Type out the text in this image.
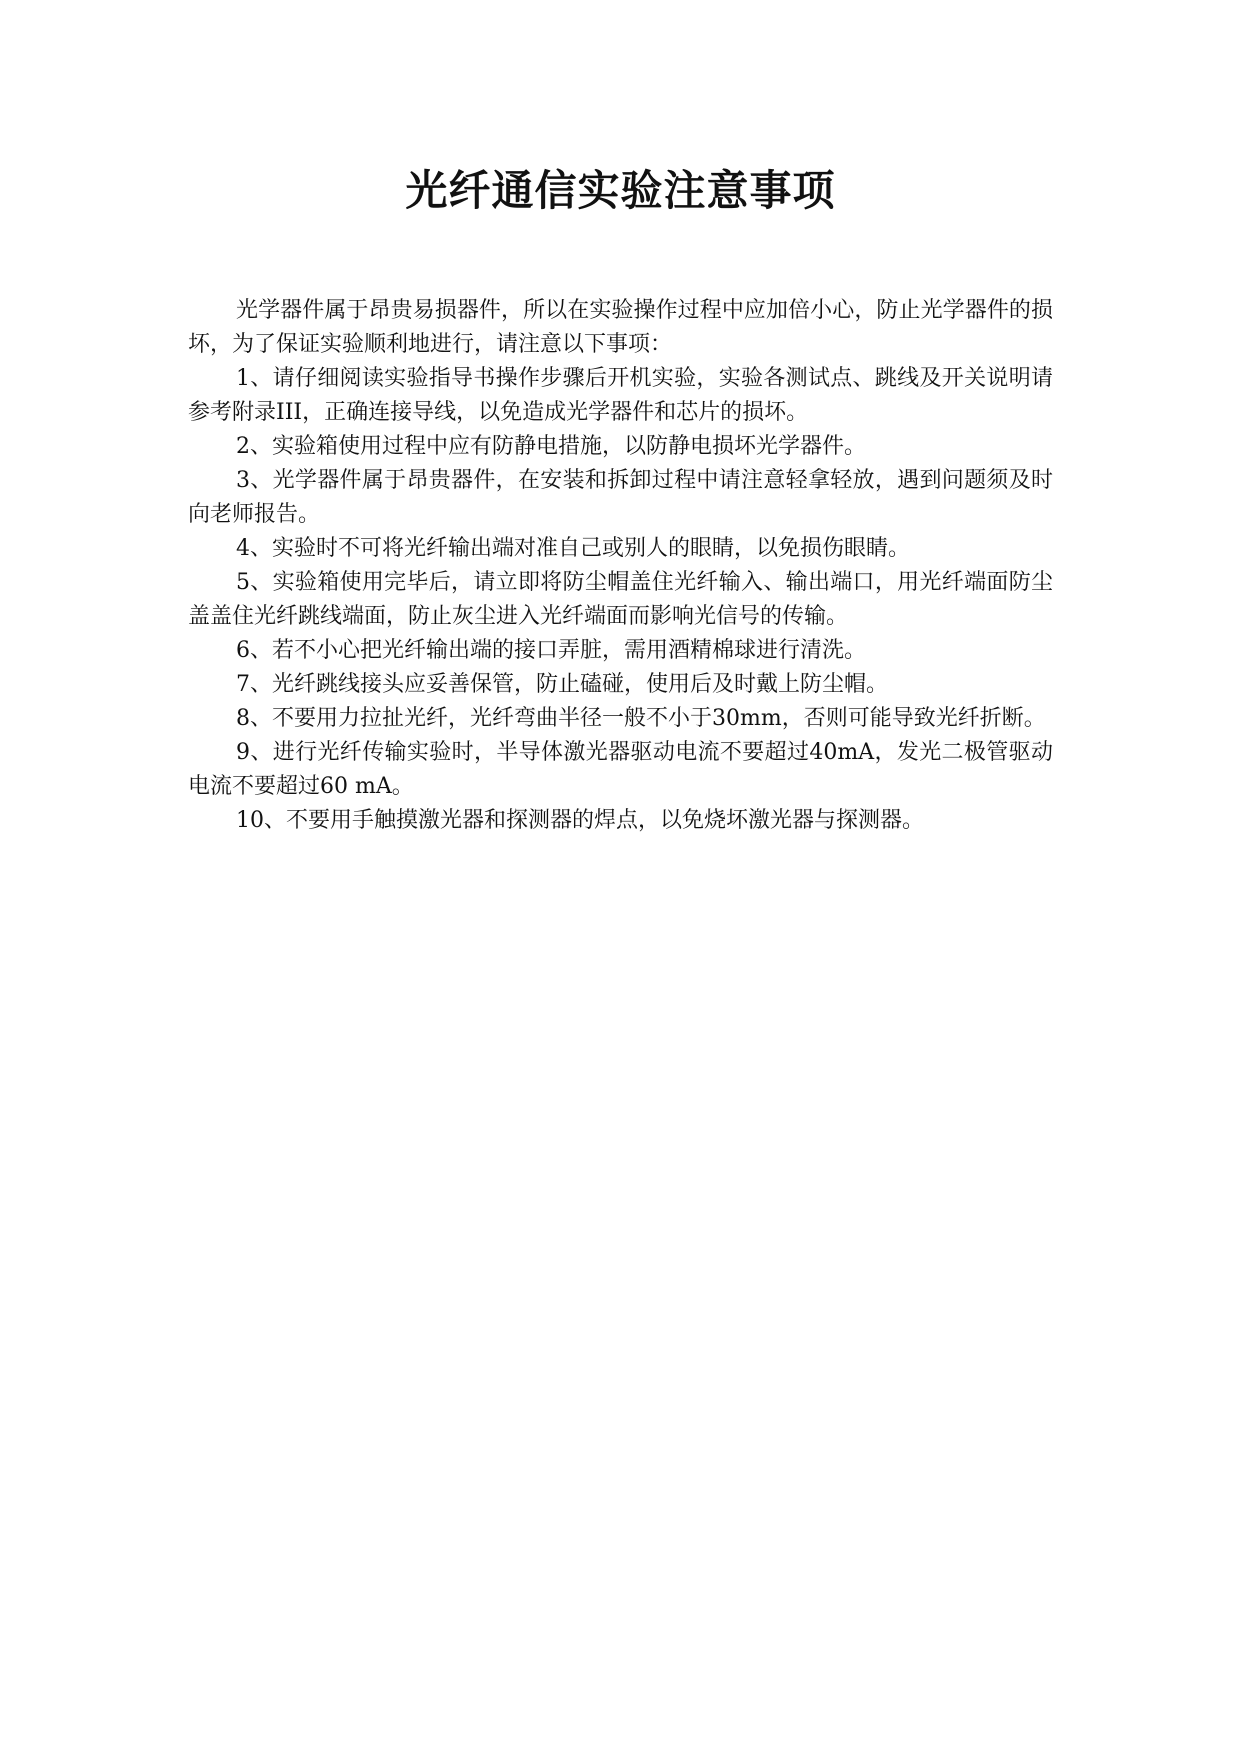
光纤通信实验注意事项

光学器件属于昂贵易损器件，所以在实验操作过程中应加倍小心，防止光学器件的损坏，为了保证实验顺利地进行，请注意以下事项：

1、请仔细阅读实验指导书操作步骤后开机实验，实验各测试点、跳线及开关说明请参考附录III，正确连接导线，以免造成光学器件和芯片的损坏。

2、实验箱使用过程中应有防静电措施，以防静电损坏光学器件。

3、光学器件属于昂贵器件，在安装和拆卸过程中请注意轻拿轻放，遇到问题须及时向老师报告。

4、实验时不可将光纤输出端对准自己或别人的眼睛，以免损伤眼睛。

5、实验箱使用完毕后，请立即将防尘帽盖住光纤输入、输出端口，用光纤端面防尘盖盖住光纤跳线端面，防止灰尘进入光纤端面而影响光信号的传输。

6、若不小心把光纤输出端的接口弄脏，需用酒精棉球进行清洗。

7、光纤跳线接头应妥善保管，防止磕碰，使用后及时戴上防尘帽。

8、不要用力拉扯光纤，光纤弯曲半径一般不小于30mm，否则可能导致光纤折断。

9、进行光纤传输实验时，半导体激光器驱动电流不要超过40mA，发光二极管驱动电流不要超过60 mA。

10、不要用手触摸激光器和探测器的焊点，以免烧坏激光器与探测器。
